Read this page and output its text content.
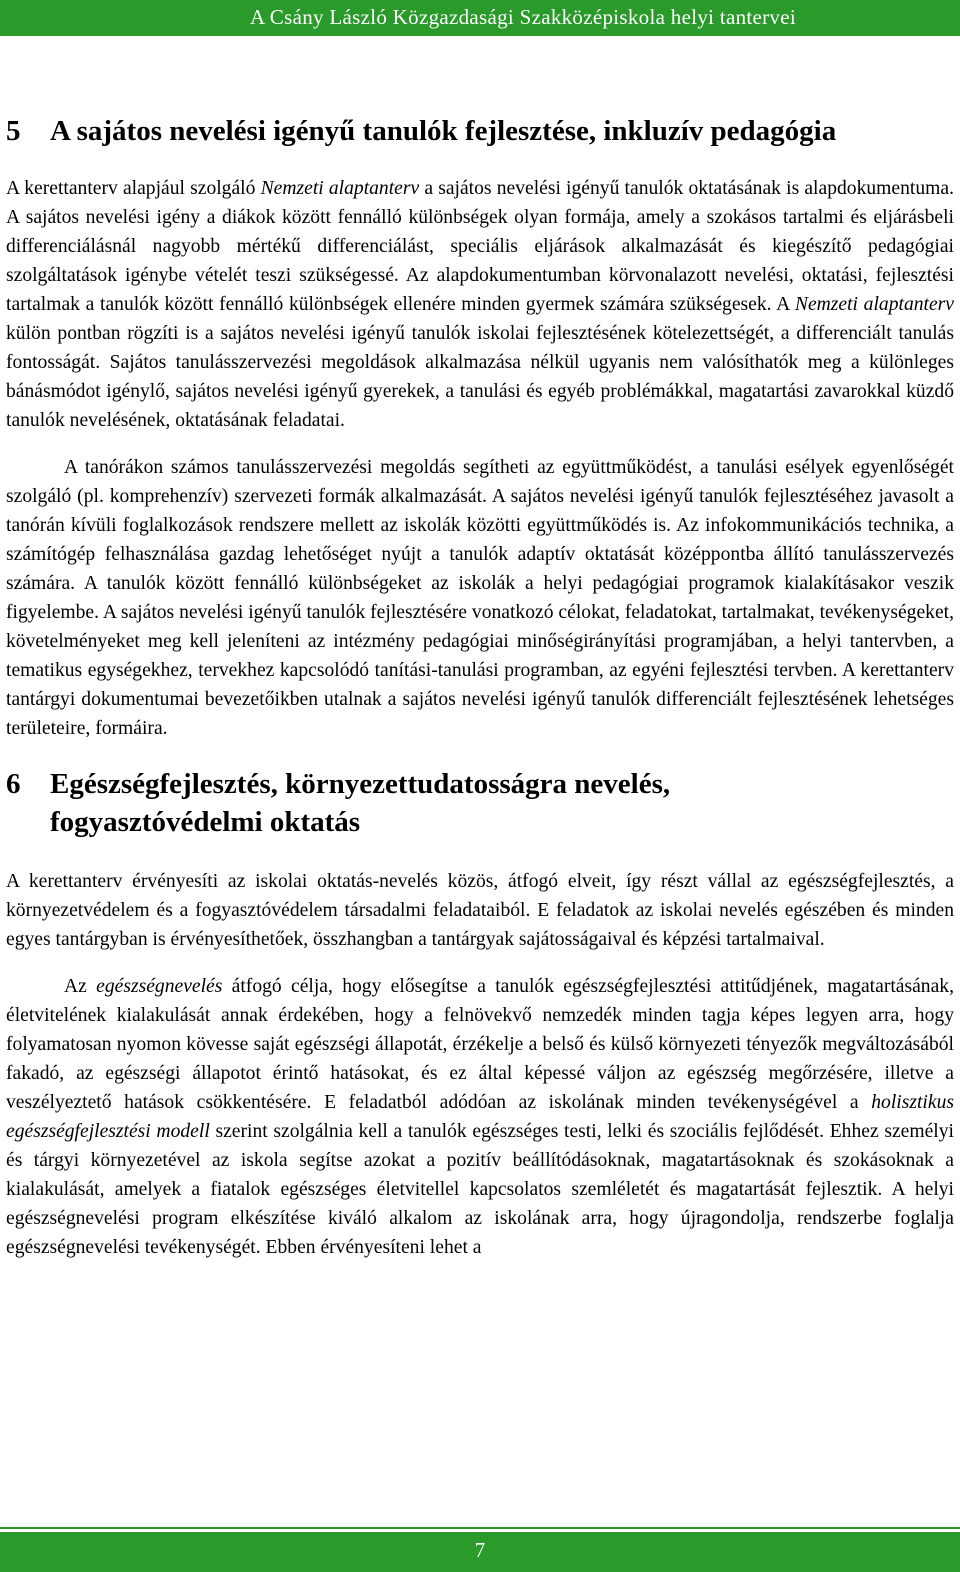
A Csány László Közgazdasági Szakközépiskola helyi tantervei
5	A sajátos nevelési igényű tanulók fejlesztése, inkluzív pedagógia

A kerettanterv alapjául szolgáló Nemzeti alaptanterv a sajátos nevelési igényű tanulók oktatásának is alapdokumentuma. A sajátos nevelési igény a diákok között fennálló különbségek olyan formája, amely a szokásos tartalmi és eljárásbeli differenciálásnál nagyobb mértékű differenciálást, speciális eljárások alkalmazását és kiegészítő pedagógiai szolgáltatások igénybe vételét teszi szükségessé. Az alapdokumentumban körvonalazott nevelési, oktatási, fejlesztési tartalmak a tanulók között fennálló különbségek ellenére minden gyermek számára szükségesek. A Nemzeti alaptanterv külön pontban rögzíti is a sajátos nevelési igényű tanulók iskolai fejlesztésének kötelezettségét, a differenciált tanulás fontosságát. Sajátos tanulásszervezési megoldások alkalmazása nélkül ugyanis nem valósíthatók meg a különleges bánásmódot igénylő, sajátos nevelési igényű gyerekek, a tanulási és egyéb problémákkal, magatartási zavarokkal küzdő tanulók nevelésének, oktatásának feladatai.

A tanórákon számos tanulásszervezési megoldás segítheti az együttműködést, a tanulási esélyek egyenlőségét szolgáló (pl. komprehenzív) szervezeti formák alkalmazását. A sajátos nevelési igényű tanulók fejlesztéséhez javasolt a tanórán kívüli foglalkozások rendszere mellett az iskolák közötti együttműködés is. Az infokommunikációs technika, a számítógép felhasználása gazdag lehetőséget nyújt a tanulók adaptív oktatását középpontba állító tanulásszervezés számára. A tanulók között fennálló különbségeket az iskolák a helyi pedagógiai programok kialakításakor veszik figyelembe. A sajátos nevelési igényű tanulók fejlesztésére vonatkozó célokat, feladatokat, tartalmakat, tevékenységeket, követelményeket meg kell jeleníteni az intézmény pedagógiai minőségirányítási programjában, a helyi tantervben, a tematikus egységekhez, tervekhez kapcsolódó tanítási-tanulási programban, az egyéni fejlesztési tervben. A kerettanterv tantárgyi dokumentumai bevezetőikben utalnak a sajátos nevelési igényű tanulók differenciált fejlesztésének lehetséges területeire, formáira.

6	Egészségfejlesztés, környezettudatosságra nevelés,
fogyasztóvédelmi oktatás

A kerettanterv érvényesíti az iskolai oktatás-nevelés közös, átfogó elveit, így részt vállal az egészségfejlesztés, a környezetvédelem és a fogyasztóvédelem társadalmi feladataiból. E feladatok az iskolai nevelés egészében és minden egyes tantárgyban is érvényesíthetőek, összhangban a tantárgyak sajátosságaival és képzési tartalmaival.

Az egészségnevelés átfogó célja, hogy elősegítse a tanulók egészségfejlesztési attitűdjének, magatartásának, életvitelének kialakulását annak érdekében, hogy a felnövekvő nemzedék minden tagja képes legyen arra, hogy folyamatosan nyomon kövesse saját egészségi állapotát, érzékelje a belső és külső környezeti tényezők megváltozásából fakadó, az egészségi állapotot érintő hatásokat, és ez által képessé váljon az egészség megőrzésére, illetve a veszélyeztető hatások csökkentésére. E feladatból adódóan az iskolának minden tevékenységével a holisztikus egészségfejlesztési modell szerint szolgálnia kell a tanulók egészséges testi, lelki és szociális fejlődését. Ehhez személyi és tárgyi környezetével az iskola segítse azokat a pozitív beállítódásoknak, magatartásoknak és szokásoknak a kialakulását, amelyek a fiatalok egészséges életvitellel kapcsolatos szemléletét és magatartását fejlesztik. A helyi egészségnevelési program elkészítése kiváló alkalom az iskolának arra, hogy újragondolja, rendszerbe foglalja egészségnevelési tevékenységét. Ebben érvényesíteni lehet a

7
